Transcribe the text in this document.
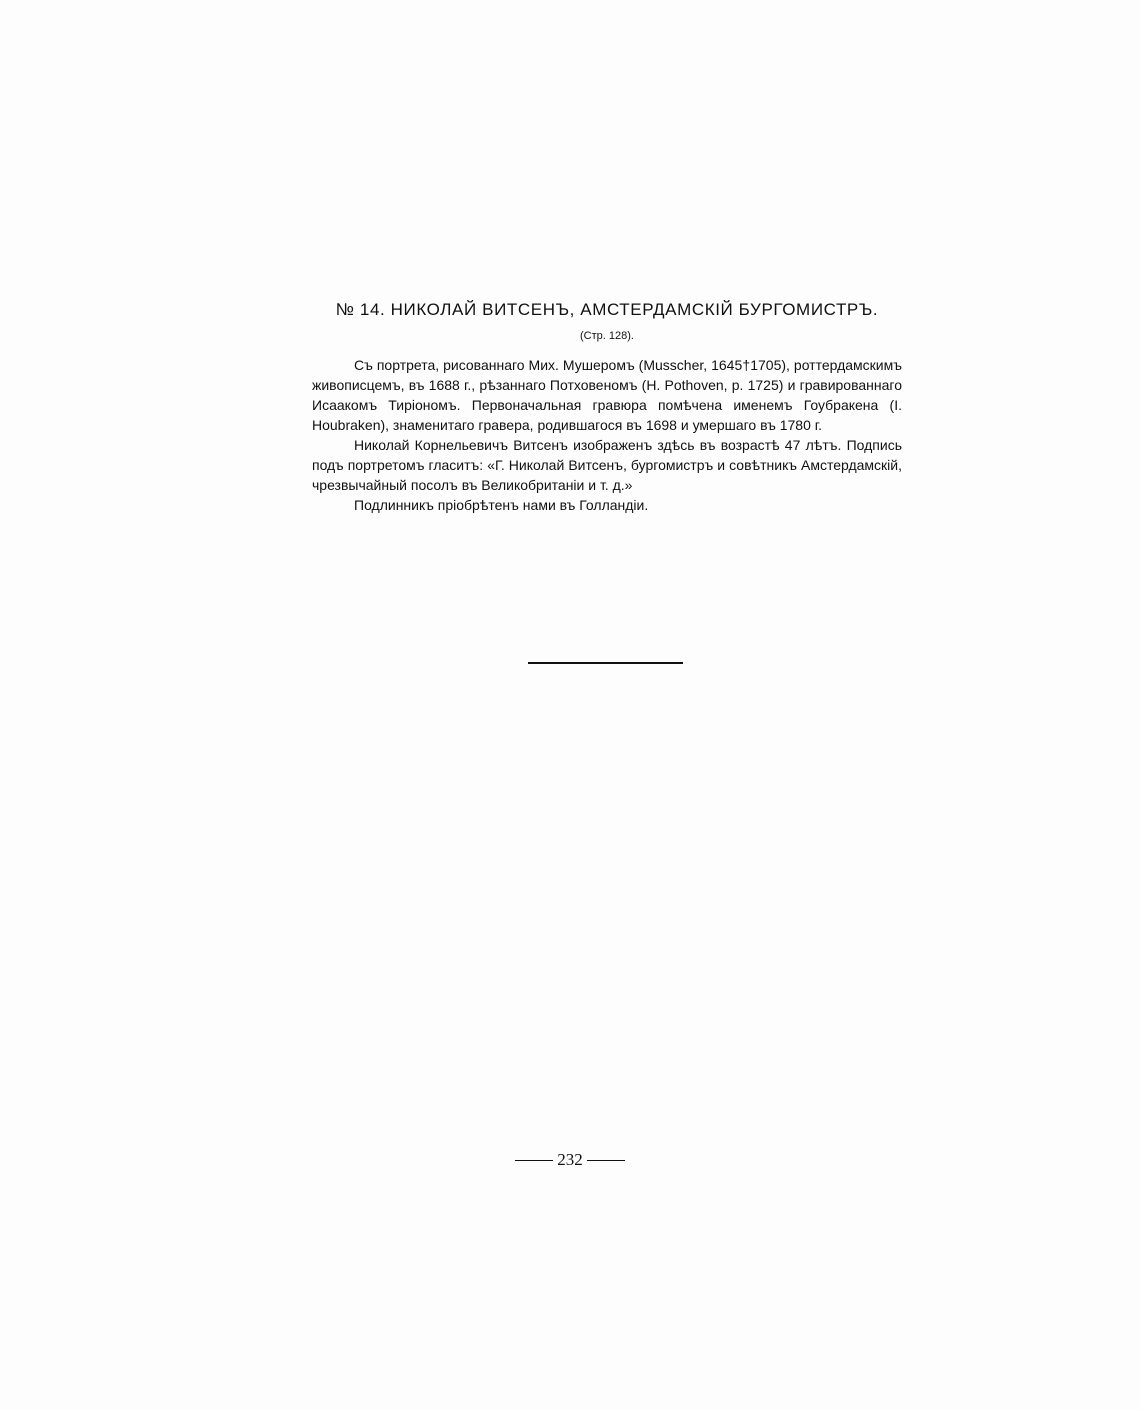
№ 14. НИКОЛАЙ ВИТСЕНЪ, АМСТЕРДАМСКІЙ БУРГОМИСТРЪ.
(Стр. 128).

Съ портрета, рисованнаго Мих. Мушеромъ (Musscher, 1645†1705), роттердамскимъ живописцемъ, въ 1688 г., рѣзаннаго Потховеномъ (H. Pothoven, р. 1725) и гравированнаго Исаакомъ Тиріономъ. Первоначальная гравюра помѣчена именемъ Гоубракена (I. Houbraken), знаменитаго гравера, родившагося въ 1698 и умершаго въ 1780 г.

Николай Корнельевичъ Витсенъ изображенъ здѣсь въ возрастѣ 47 лѣтъ. Подпись подъ портретомъ гласитъ: «Г. Николай Витсенъ, бургомистръ и совѣтникъ Амстердамскій, чрезвычайный посолъ въ Великобританіи и т. д.»

Подлинникъ пріобрѣтенъ нами въ Голландіи.

232
